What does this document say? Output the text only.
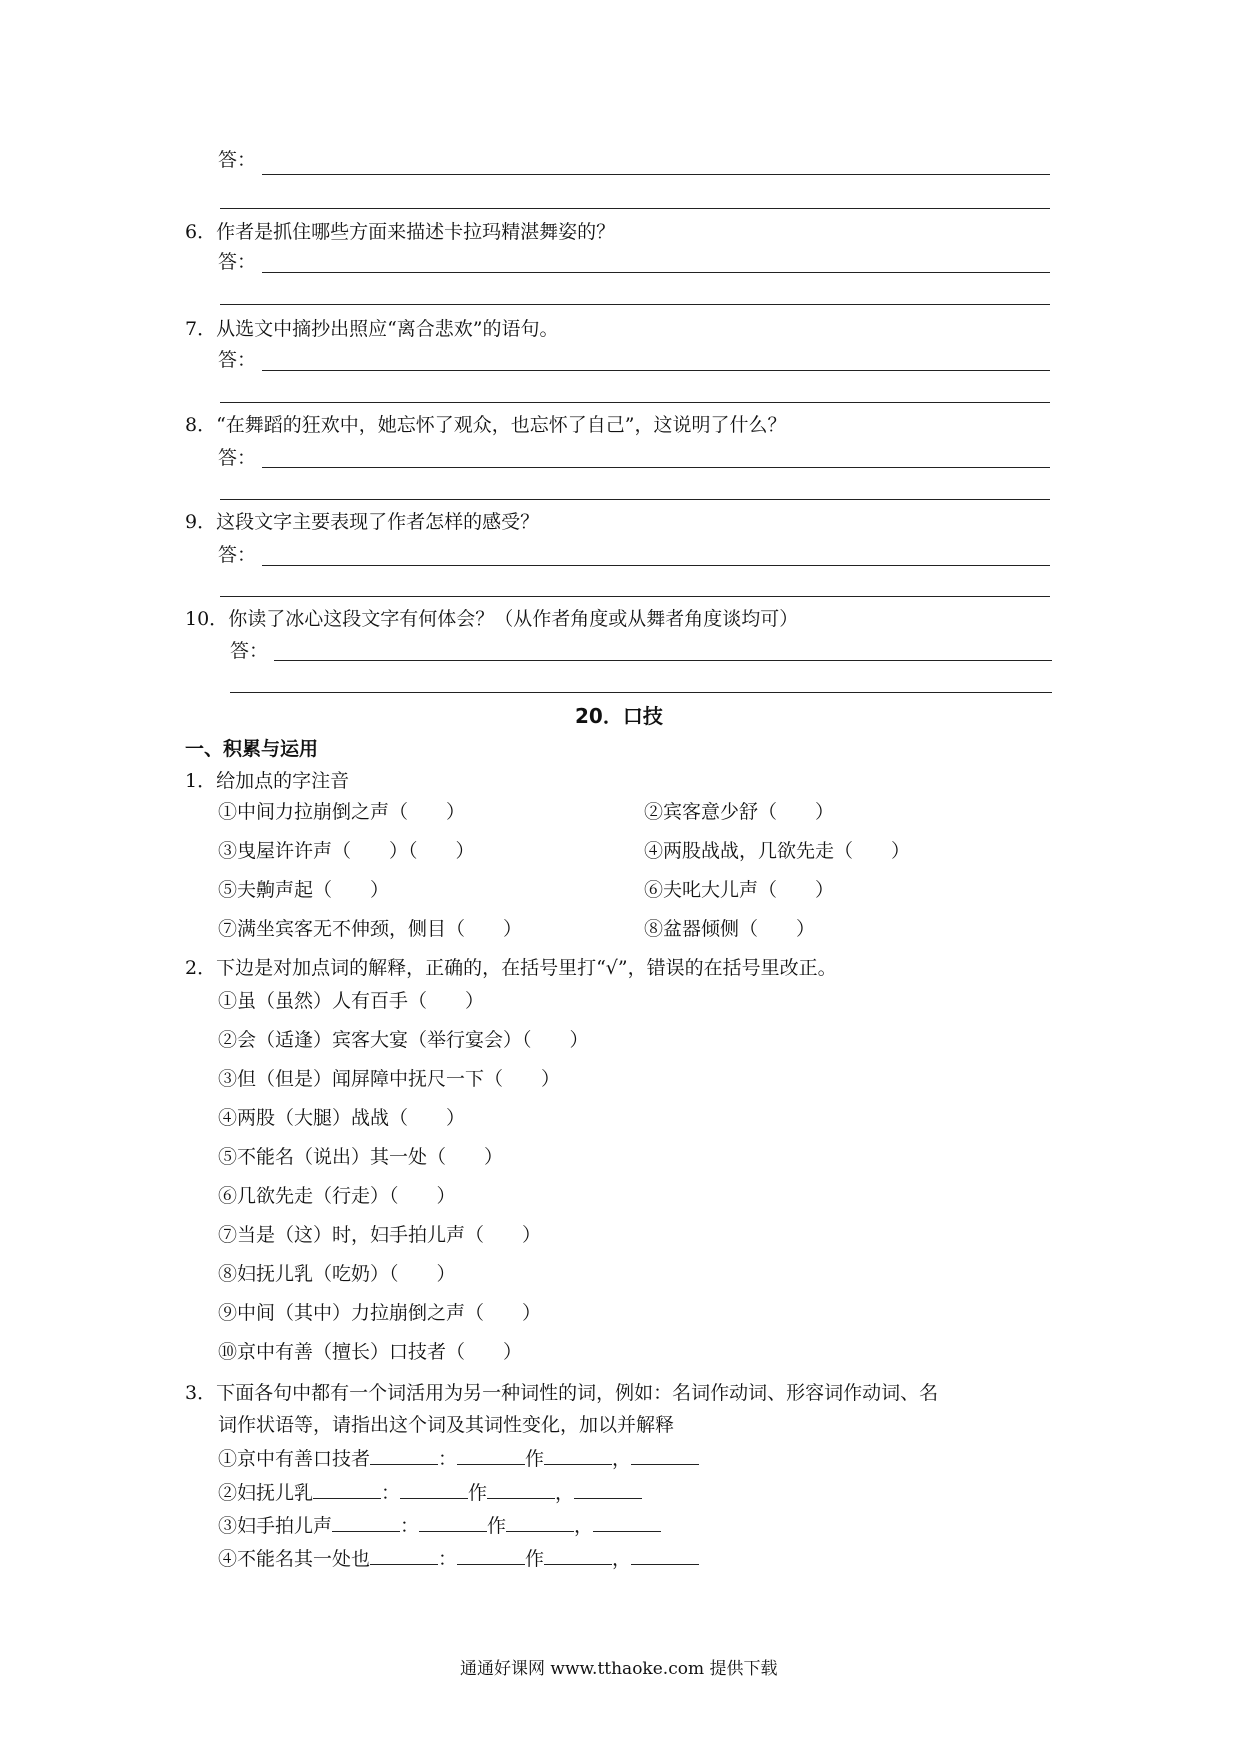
答：
6．作者是抓住哪些方面来描述卡拉玛精湛舞姿的？
答：
7．从选文中摘抄出照应“离合悲欢”的语句。
答：
8．“在舞蹈的狂欢中，她忘怀了观众，也忘怀了自己”，这说明了什么？
答：
9．这段文字主要表现了作者怎样的感受？
答：
10．你读了冰心这段文字有何体会？（从作者角度或从舞者角度谈均可）
答：
20．口技
一、积累与运用
1．给加点的字注音
①中间力拉崩倒之声（　　）	②宾客意少舒（　　）
③曳屋许许声（　　）（　　）	④两股战战，几欲先走（　　）
⑤夫齁声起（　　）	⑥夫叱大儿声（　　）
⑦满坐宾客无不伸颈，侧目（　　）	⑧盆器倾侧（　　）
2．下边是对加点词的解释，正确的，在括号里打“√”，错误的在括号里改正。
①虽（虽然）人有百手（　　）
②会（适逢）宾客大宴（举行宴会）（　　）
③但（但是）闻屏障中抚尺一下（　　）
④两股（大腿）战战（　　）
⑤不能名（说出）其一处（　　）
⑥几欲先走（行走）（　　）
⑦当是（这）时，妇手拍儿声（　　）
⑧妇抚儿乳（吃奶）（　　）
⑨中间（其中）力拉崩倒之声（　　）
⑩京中有善（擅长）口技者（　　）
3．下面各句中都有一个词活用为另一种词性的词，例如：名词作动词、形容词作动词、名
词作状语等，请指出这个词及其词性变化，加以并解释
①京中有善口技者	：	作	，
②妇抚儿乳	：	作	，
③妇手拍儿声	：	作	，
④不能名其一处也	：	作	，
通通好课网 www.tthaoke.com 提供下载
